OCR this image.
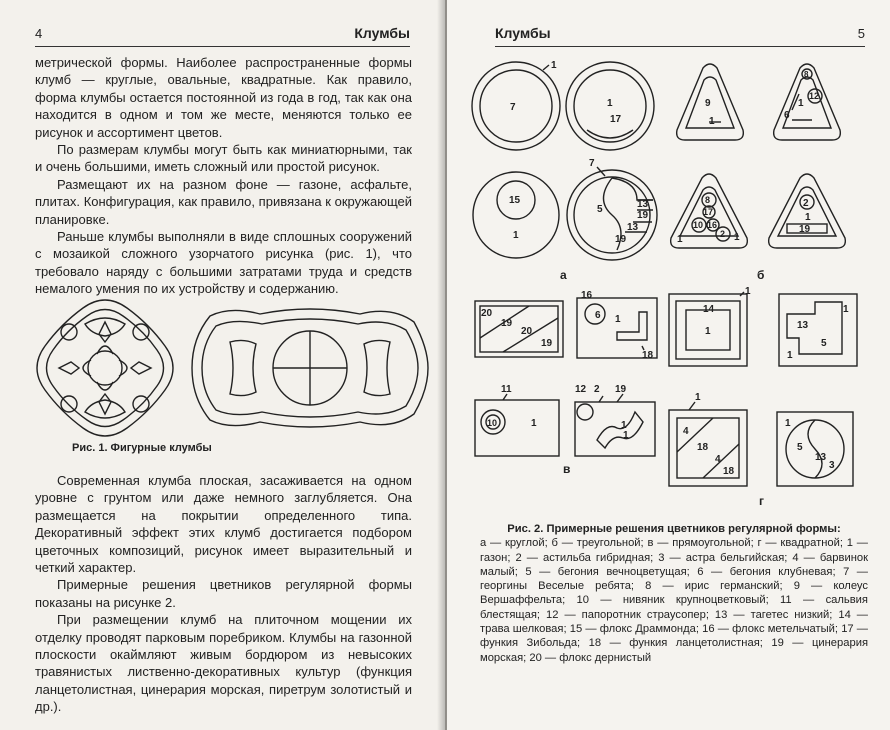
4	Клумбы

метрической формы. Наиболее распространенные формы клумб — круглые, овальные, квадратные. Как правило, форма клумбы остается постоянной из года в год, так как она находится в одном и том же месте, меняются только ее рисунок и ассортимент цветов.

По размерам клумбы могут быть как миниатюрными, так и очень большими, иметь сложный или простой рисунок.

Размещают их на разном фоне — газоне, асфальте, плитах. Конфигурация, как правило, привязана к окружающей планировке.

Раньше клумбы выполняли в виде сплошных сооружений с мозаикой сложного узорчатого рисунка (рис. 1), что требовало наряду с большими затратами труда и средств немалого умения по их устройству и содержанию.

Рис. 1. Фигурные клумбы

Современная клумба плоская, засаживается на одном уровне с грунтом или даже немного заглубляется. Она размещается на покрытии определенного типа. Декоративный эффект этих клумб достигается подбором цветочных композиций, рисунок имеет выразительный и четкий характер.

Примерные решения цветников регулярной формы показаны на рисунке 2.

При размещении клумб на плиточном мощении их отделку проводят парковым поребриком. Клумбы на газонной плоскости окаймляют живым бордюром из невысоких травянистых лиственно-декоративных культур (функция ланцетолистная, цинерария морская, пиретрум золотистый и др.).

Клумбы	5
1
7	1
17
9
1
8
12
1
6
15
1
7
5	13
19
13
19
8
17
10 16
2
1	1
2
1
19
20
19
20
19
16
6 1
18
1
14
1
13
1
5
1
11
10	1
12 2 19
1
1
1
4
18
4
18
1
5
13
3
а	б
в
г
Рис. 2. Примерные решения цветников регулярной формы:
а — круглой; б — треугольной; в — прямоугольной; г — квадратной; 1 — газон; 2 — астильба гибридная; 3 — астра бельгийская; 4 — барвинок малый; 5 — бегония вечноцветущая; 6 — бегония клубневая; 7 — георгины Веселые ребята; 8 — ирис германский; 9 — колеус Вершаффельта; 10 — нивяник крупноцветковый; 11 — сальвия блестящая; 12 — папоротник страусопер; 13 — тагетес низкий; 14 — трава шелковая; 15 — флокс Драммонда; 16 — флокс метельчатый; 17 — функия Зибольда; 18 — функия ланцетолистная; 19 — цинерария морская; 20 — флокс дернистый
